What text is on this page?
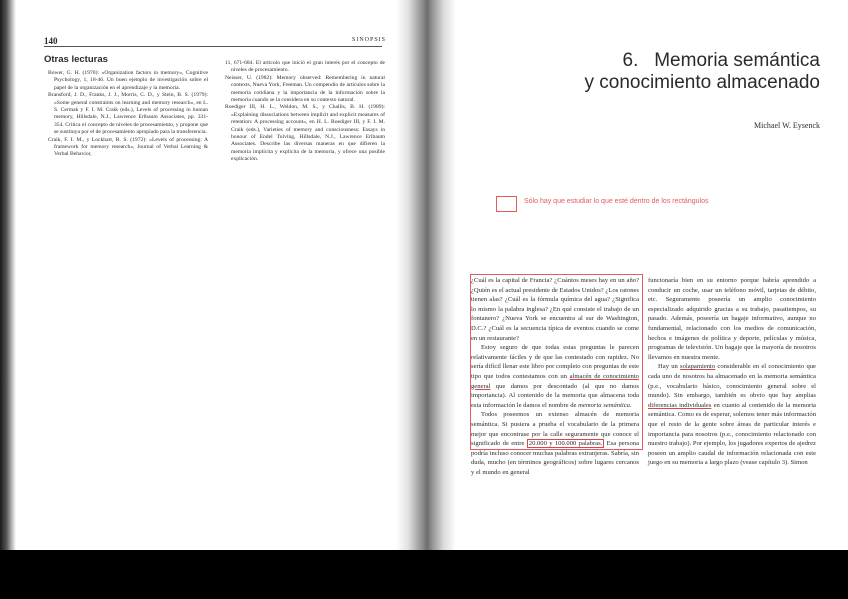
140	SINOPSIS
Otras lecturas

Bower, G. H. (1970): «Organization factors in memory», Cognitive Psychology, 1, 18-46. Un buen ejemplo de investigación sobre el papel de la organización en el aprendizaje y la memoria.

Bransford, J. D., Franks, J. J., Morris, C. D., y Stein, B. S. (1979): «Some general constraints on learning and memory research», en L. S. Cermak y F. I. M. Craik (eds.), Levels of processing in human memory, Hillsdale, N.J., Lawrence Erlbaum Associates, pp. 331-354. Critica el concepto de niveles de procesamiento, y propone que se sustituya por el de procesamiento apropiado para la transferencia.

Craik, F. I. M., y Lockhart, R. S. (1972): «Levels of processing: A framework for memory research», Journal of Verbal Learning & Verbal Behavior,

11, 671-684. El artículo que inició el gran interés por el concepto de niveles de procesamiento.

Neisser, U. (1982): Memory observed: Remembering in natural contexts, Nueva York, Freeman. Un compendio de artículos sobre la memoria cotidiana y la importancia de la información sobre la memoria cuando se la considera en su contexto natural.

Roediger III, H. L., Weldon, M. S., y Challis, B. H. (1989): «Explaining dissociations between implicit and explicit measures of retention: A processing account», en H. L. Roediger III, y F. I. M. Craik (eds.), Varieties of memory and consciousness: Essays in honour of Endel Tulving, Hillsdale, N.J., Lawrence Erlbaum Associates. Describe las diversas maneras en que difieren la memoria implícita y explícita de la memoria, y ofrece una posible explicación.

6. Memoria semántica
y conocimiento almacenado
Michael W. Eysenck
Sólo hay que estudiar lo que esté dentro de los rectángulos

¿Cuál es la capital de Francia? ¿Cuántos meses hay en un año? ¿Quién es el actual presidente de Estados Unidos? ¿Los ratones tienen alas? ¿Cuál es la fórmula química del agua? ¿Significa lo mismo la palabra inglesa? ¿En qué consiste el trabajo de un fontanero? ¿Nueva York se encuentra al sur de Washington, D.C.? ¿Cuál es la secuencia típica de eventos cuando se come en un restaurante?

Estoy seguro de que todas estas preguntas le parecen relativamente fáciles y de que las contestado con rapidez. No sería difícil llenar este libro por completo con preguntas de este tipo que todos contestamos con un almacén de conocimiento general que damos por descontado (al que no damos importancia). Al contenido de la memoria que almacena toda esta información le damos el nombre de memoria semántica.

Todos poseemos un extenso almacén de memoria semántica. Si pusiera a prueba el vocabulario de la primera mejor que encontrase por la calle seguramente que conoce el significado de entre 20.000 y 100.000 palabras. Esa persona podría incluso conocer muchas palabras extranjeras. Sabría, sin duda, mucho (en términos geográficos) sobre lugares cercanos y el mundo en general

funcionaría bien en su entorno porque habría aprendido a conducir un coche, usar un teléfono móvil, tarjetas de débito, etc. Seguramente poseería un amplio conocimiento especializado adquirido gracias a su trabajo, pasatiempos, su pasado. Además, poseería un bagaje informativo, aunque no fundamental, relacionado con los medios de comunicación, hechos e imágenes de política y deporte, películas y música, programas de televisión. Un bagaje que la mayoría de nosotros llevamos en nuestra mente.

Hay un solapamiento considerable en el conocimiento que cada uno de nosotros ha almacenado en la memoria semántica (p.e., vocabulario básico, conocimiento general sobre el mundo). Sin embargo, también es obvio que hay amplias diferencias individuales en cuanto al contenido de la memoria semántica. Como es de esperar, solemos tener más información que el resto de la gente sobre áreas de particular interés e importancia para nosotros (p.e., conocimiento relacionado con nuestro trabajo). Por ejemplo, los jugadores expertos de ajedrez poseen un amplio caudal de información relacionada con este juego en su memoria a largo plazo (vease capítulo 3). Simon
